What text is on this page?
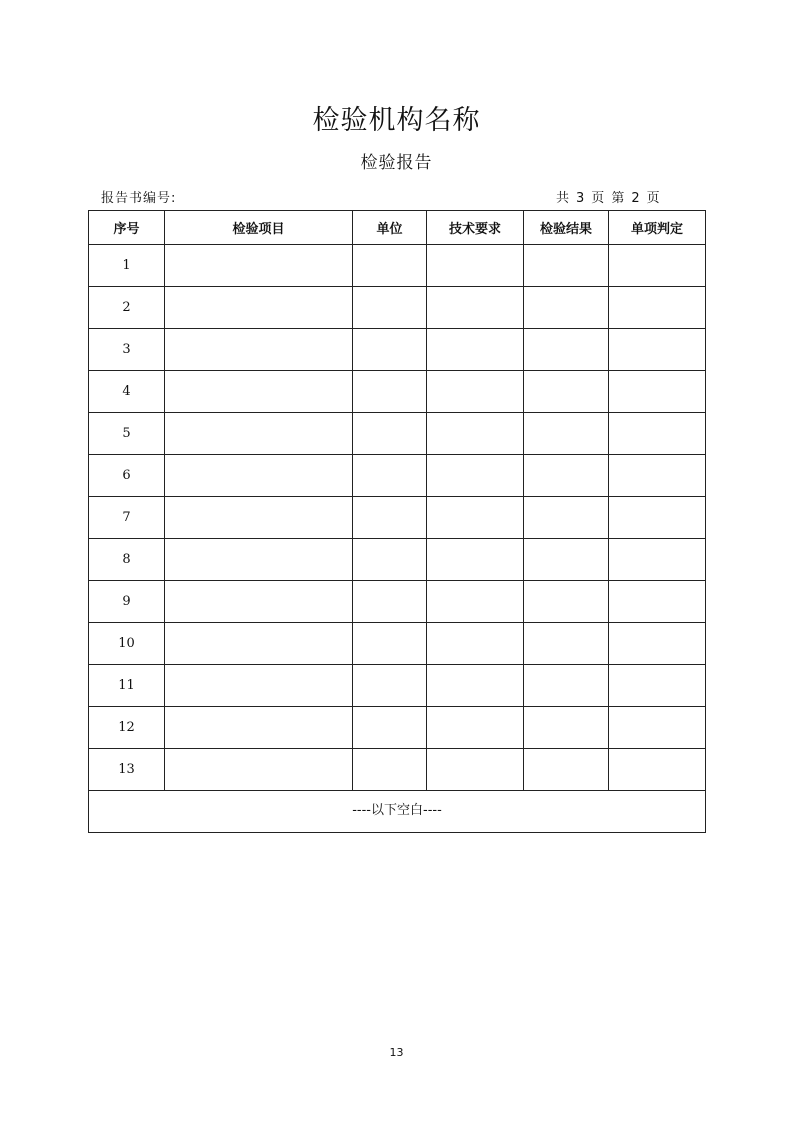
检验机构名称
检验报告
报告书编号:	共 3 页 第 2 页
序号	检验项目	单位	技术要求	检验结果	单项判定
1					
2					
3					
4					
5					
6					
7					
8					
9					
10					
11					
12					
13					
----以下空白----					
13
